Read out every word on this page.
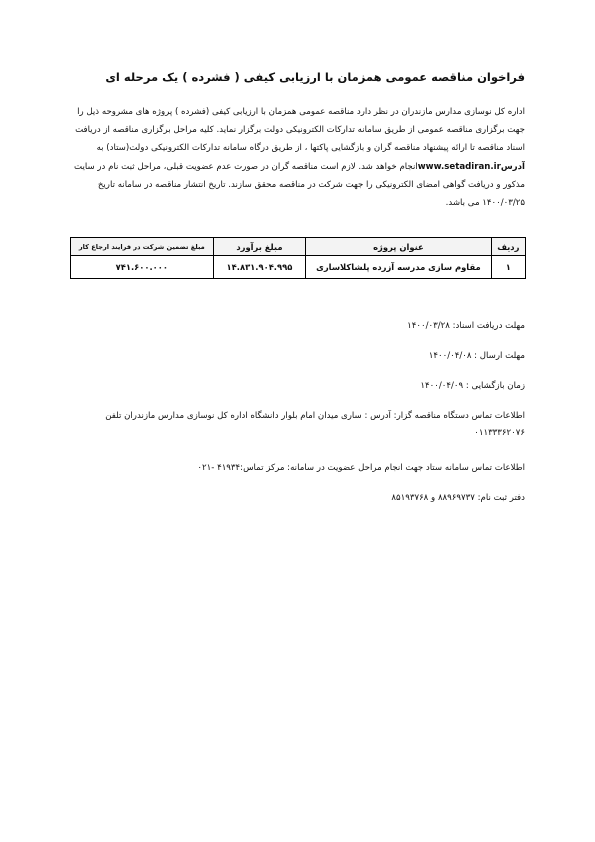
فراخوان مناقصه عمومی همزمان با ارزیابی کیفی ( فشرده ) یک مرحله ای
اداره کل نوسازی مدارس مازندران در نظر دارد مناقصه عمومی همزمان با ارزیابی کیفی (فشرده ) پروژه های مشروحه ذیل را
جهت برگزاری مناقصه عمومی از طریق سامانه تدارکات الکترونیکی دولت برگزار نماید. کلیه مراحل برگزاری مناقصه از دریافت
اسناد مناقصه تا ارائه پیشنهاد مناقصه گران و بازگشایی پاکتها ، از طریق درگاه سامانه تدارکات الکترونیکی دولت(ستاد) به
آدرسwww.setadiran.irانجام خواهد شد. لازم است مناقصه گران در صورت عدم عضویت قبلی، مراحل ثبت نام در سایت
مذکور و دریافت گواهی امضای الکترونیکی را جهت شرکت در مناقصه محقق سازند. تاریخ انتشار مناقصه در سامانه تاریخ
۱۴۰۰/۰۳/۲۵ می باشد.
ردیف	عنوان پروژه	مبلغ برآورد	مبلغ تضمین شرکت در فرایند ارجاع کار
۱	مقاوم سازی مدرسه آزرده پلشاکلاساری	۱۴.۸۳۱.۹۰۴.۹۹۵	۷۴۱.۶۰۰.۰۰۰
مهلت دریافت اسناد: ۱۴۰۰/۰۳/۲۸
مهلت ارسال : ۱۴۰۰/۰۴/۰۸
زمان بازگشایی : ۱۴۰۰/۰۴/۰۹
اطلاعات تماس دستگاه مناقصه گزار: آدرس : ساری میدان امام بلوار دانشگاه اداره کل نوسازی مدارس مازندران تلفن
۰۱۱۳۳۳۶۲۰۷۶
اطلاعات تماس سامانه ستاد جهت انجام مراحل عضویت در سامانه: مرکز تماس:۴۱۹۳۴ -۰۲۱
دفتر ثبت نام: ۸۸۹۶۹۷۳۷ و ۸۵۱۹۳۷۶۸
